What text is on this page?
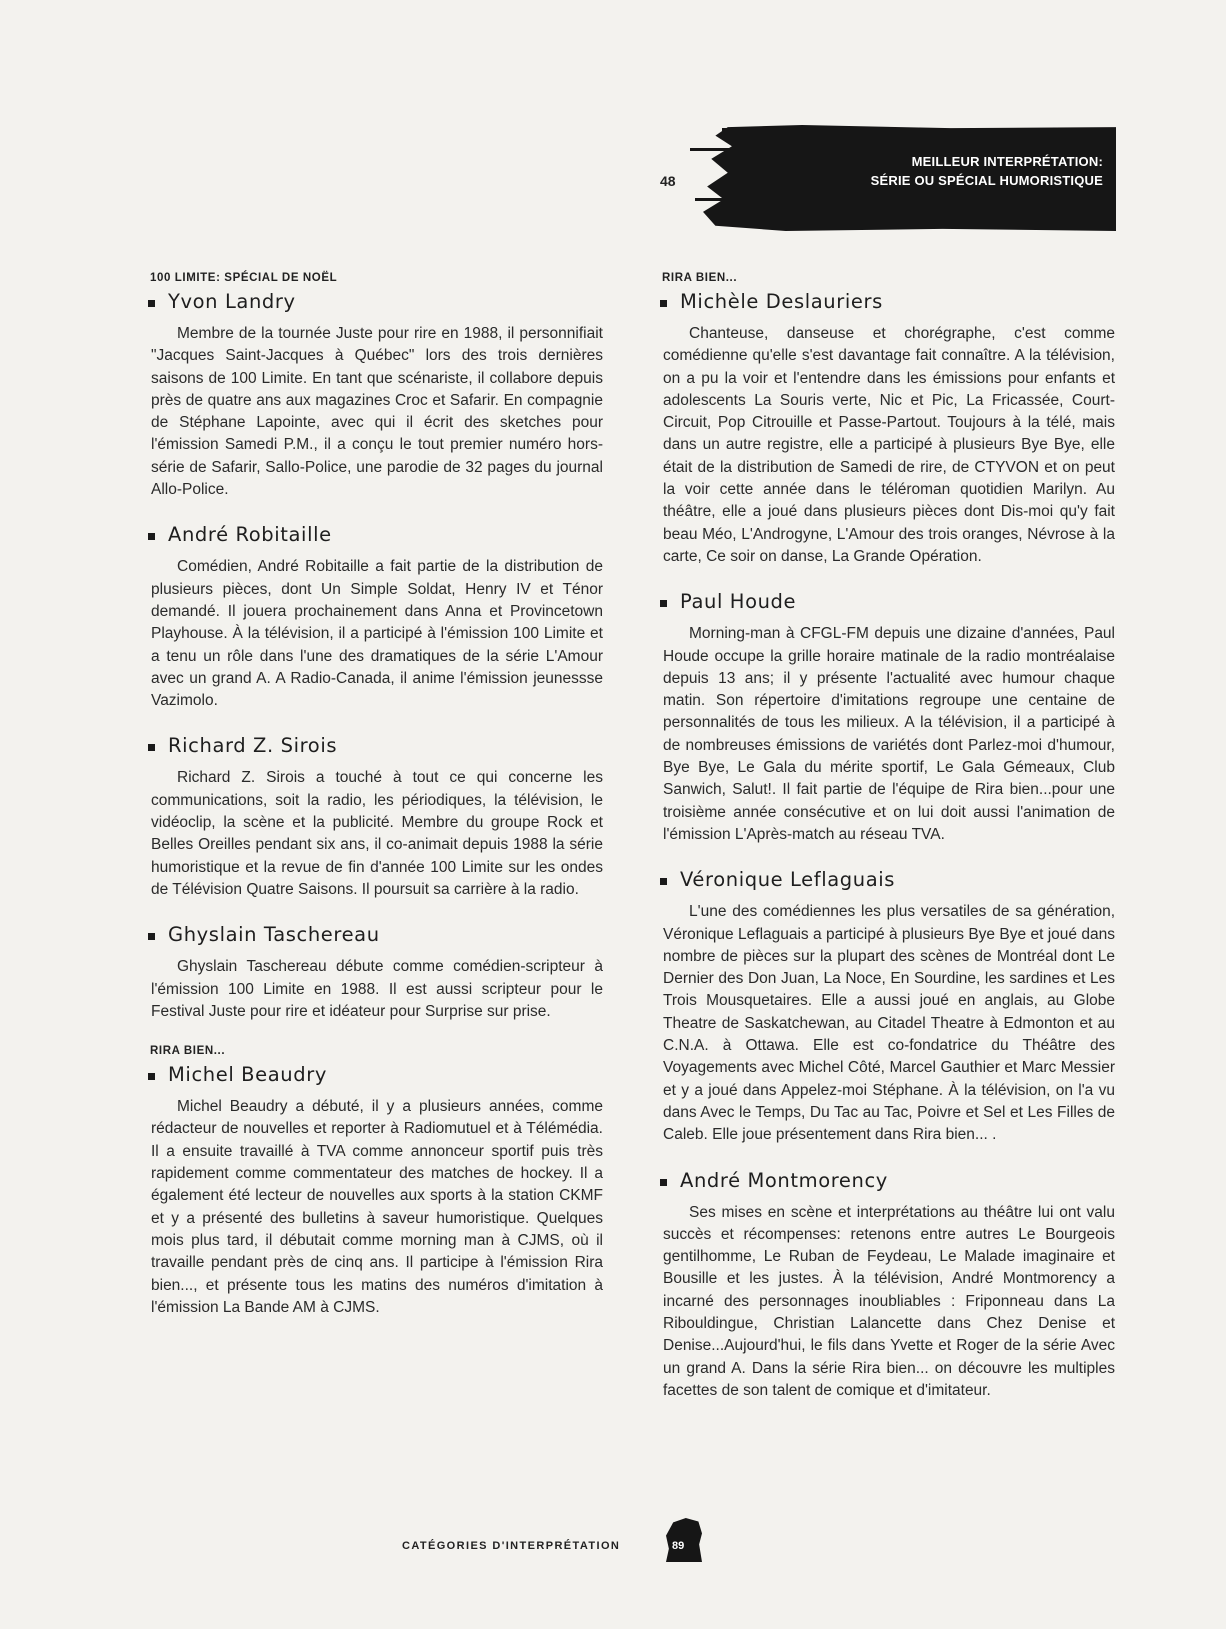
48
MEILLEUR INTERPRÉTATION:
SÉRIE OU SPÉCIAL HUMORISTIQUE
100 LIMITE: SPÉCIAL DE NOËL
Yvon Landry

Membre de la tournée Juste pour rire en 1988, il personnifiait "Jacques Saint-Jacques à Québec" lors des trois dernières saisons de 100 Limite. En tant que scénariste, il collabore depuis près de quatre ans aux magazines Croc et Safarir. En compagnie de Stéphane Lapointe, avec qui il écrit des sketches pour l'émission Samedi P.M., il a conçu le tout premier numéro hors-série de Safarir, Sallo-Police, une parodie de 32 pages du journal Allo-Police.

André Robitaille

Comédien, André Robitaille a fait partie de la distribution de plusieurs pièces, dont Un Simple Soldat, Henry IV et Ténor demandé. Il jouera prochainement dans Anna et Provincetown Playhouse. À la télévision, il a participé à l'émission 100 Limite et a tenu un rôle dans l'une des dramatiques de la série L'Amour avec un grand A. A Radio-Canada, il anime l'émission jeunessse Vazimolo.

Richard Z. Sirois

Richard Z. Sirois a touché à tout ce qui concerne les communications, soit la radio, les périodiques, la télévision, le vidéoclip, la scène et la publicité. Membre du groupe Rock et Belles Oreilles pendant six ans, il co-animait depuis 1988 la série humoristique et la revue de fin d'année 100 Limite sur les ondes de Télévision Quatre Saisons. Il poursuit sa carrière à la radio.

Ghyslain Taschereau

Ghyslain Taschereau débute comme comédien-scripteur à l'émission 100 Limite en 1988. Il est aussi scripteur pour le Festival Juste pour rire et idéateur pour Surprise sur prise.

RIRA BIEN...
Michel Beaudry

Michel Beaudry a débuté, il y a plusieurs années, comme rédacteur de nouvelles et reporter à Radiomutuel et à Télémédia. Il a ensuite travaillé à TVA comme annonceur sportif puis très rapidement comme commentateur des matches de hockey. Il a également été lecteur de nouvelles aux sports à la station CKMF et y a présenté des bulletins à saveur humoristique. Quelques mois plus tard, il débutait comme morning man à CJMS, où il travaille pendant près de cinq ans. Il participe à l'émission Rira bien..., et présente tous les matins des numéros d'imitation à l'émission La Bande AM à CJMS.

RIRA BIEN...
Michèle Deslauriers

Chanteuse, danseuse et chorégraphe, c'est comme comédienne qu'elle s'est davantage fait connaître. A la télévision, on a pu la voir et l'entendre dans les émissions pour enfants et adolescents La Souris verte, Nic et Pic, La Fricassée, Court-Circuit, Pop Citrouille et Passe-Partout. Toujours à la télé, mais dans un autre registre, elle a participé à plusieurs Bye Bye, elle était de la distribution de Samedi de rire, de CTYVON et on peut la voir cette année dans le téléroman quotidien Marilyn. Au théâtre, elle a joué dans plusieurs pièces dont Dis-moi qu'y fait beau Méo, L'Androgyne, L'Amour des trois oranges, Névrose à la carte, Ce soir on danse, La Grande Opération.

Paul Houde

Morning-man à CFGL-FM depuis une dizaine d'années, Paul Houde occupe la grille horaire matinale de la radio montréalaise depuis 13 ans; il y présente l'actualité avec humour chaque matin. Son répertoire d'imitations regroupe une centaine de personnalités de tous les milieux. A la télévision, il a participé à de nombreuses émissions de variétés dont Parlez-moi d'humour, Bye Bye, Le Gala du mérite sportif, Le Gala Gémeaux, Club Sanwich, Salut!. Il fait partie de l'équipe de Rira bien...pour une troisième année consécutive et on lui doit aussi l'animation de l'émission L'Après-match au réseau TVA.

Véronique Leflaguais

L'une des comédiennes les plus versatiles de sa génération, Véronique Leflaguais a participé à plusieurs Bye Bye et joué dans nombre de pièces sur la plupart des scènes de Montréal dont Le Dernier des Don Juan, La Noce, En Sourdine, les sardines et Les Trois Mousquetaires. Elle a aussi joué en anglais, au Globe Theatre de Saskatchewan, au Citadel Theatre à Edmonton et au C.N.A. à Ottawa. Elle est co-fondatrice du Théâtre des Voyagements avec Michel Côté, Marcel Gauthier et Marc Messier et y a joué dans Appelez-moi Stéphane. À la télévision, on l'a vu dans Avec le Temps, Du Tac au Tac, Poivre et Sel et Les Filles de Caleb. Elle joue présentement dans Rira bien... .

André Montmorency

Ses mises en scène et interprétations au théâtre lui ont valu succès et récompenses: retenons entre autres Le Bourgeois gentilhomme, Le Ruban de Feydeau, Le Malade imaginaire et Bousille et les justes. À la télévision, André Montmorency a incarné des personnages inoubliables : Friponneau dans La Ribouldingue, Christian Lalancette dans Chez Denise et Denise...Aujourd'hui, le fils dans Yvette et Roger de la série Avec un grand A. Dans la série Rira bien... on découvre les multiples facettes de son talent de comique et d'imitateur.

CATÉGORIES D'INTERPRÉTATION	89
